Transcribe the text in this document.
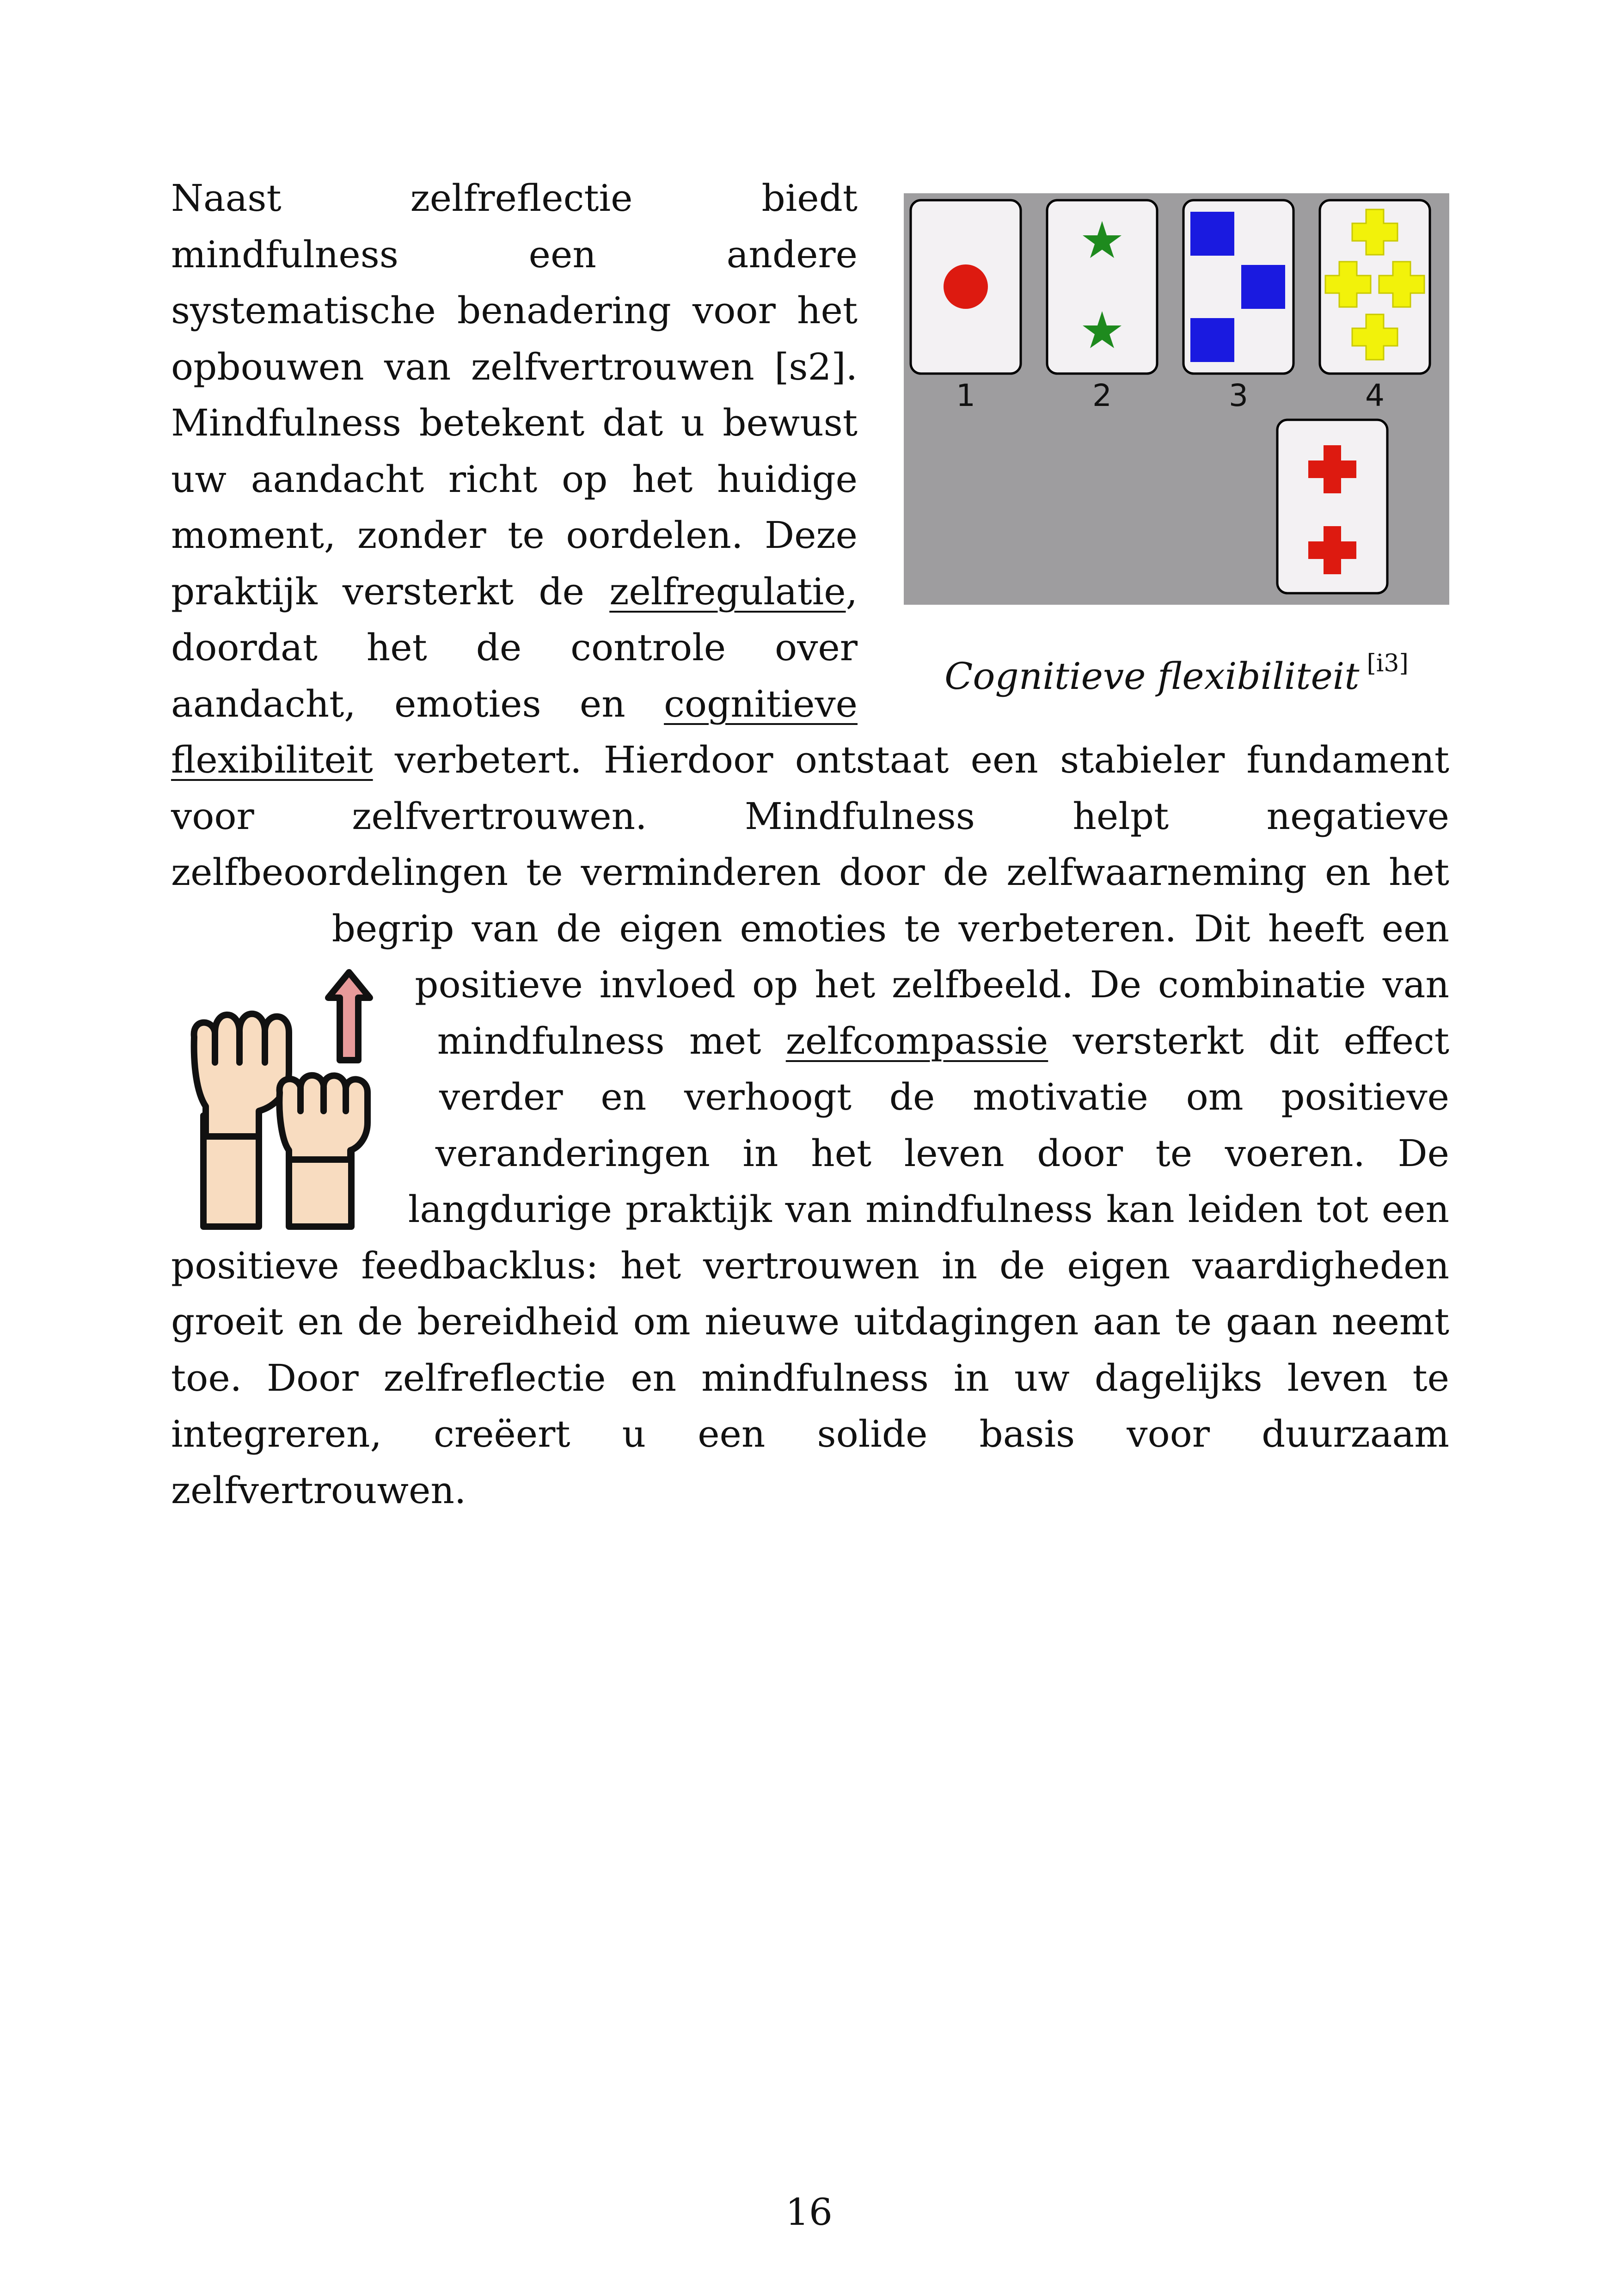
1	2	3	4
Cognitieve flexibiliteit [i3]
Naast zelfreflectie biedt mindfulness een andere systematische benadering voor het opbouwen van zelfvertrouwen [s2]. Mindfulness betekent dat u bewust uw aandacht richt op het huidige moment, zonder te oordelen. Deze praktijk versterkt de zelfregulatie, doordat het de controle over aandacht, emoties en cognitieve flexibiliteit verbetert. Hierdoor ontstaat een stabieler fundament voor zelfvertrouwen. Mindfulness helpt negatieve zelfbeoordelingen te verminderen door de zelfwaarneming en het begrip van de eigen emoties te verbeteren. Dit heeft een positieve invloed op het zelfbeeld. De combinatie van mindfulness met zelfcompassie versterkt dit effect verder en verhoogt de motivatie om positieve veranderingen in het leven door te voeren. De langdurige praktijk van mindfulness kan leiden tot een positieve feedbacklus: het vertrouwen in de eigen vaardigheden groeit en de bereidheid om nieuwe uitdagingen aan te gaan neemt toe. Door zelfreflectie en mindfulness in uw dagelijks leven te integreren, creëert u een solide basis voor duurzaam zelfvertrouwen.
16
